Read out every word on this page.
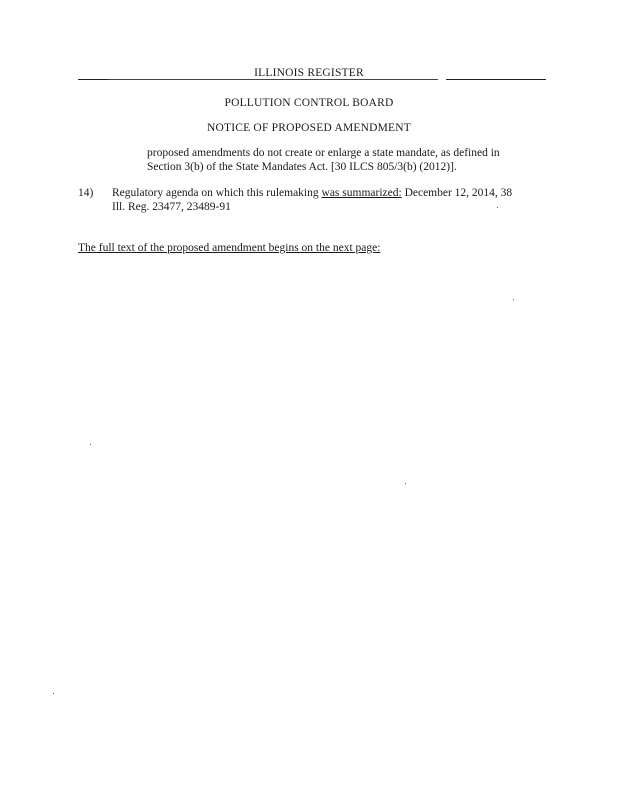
ILLINOIS REGISTER
POLLUTION CONTROL BOARD
NOTICE OF PROPOSED AMENDMENT
proposed amendments do not create or enlarge a state mandate, as defined in
Section 3(b) of the State Mandates Act. [30 ILCS 805/3(b) (2012)].
14) Regulatory agenda on which this rulemaking was summarized: December 12, 2014, 38
Ill. Reg. 23477, 23489-91
The full text of the proposed amendment begins on the next page:
